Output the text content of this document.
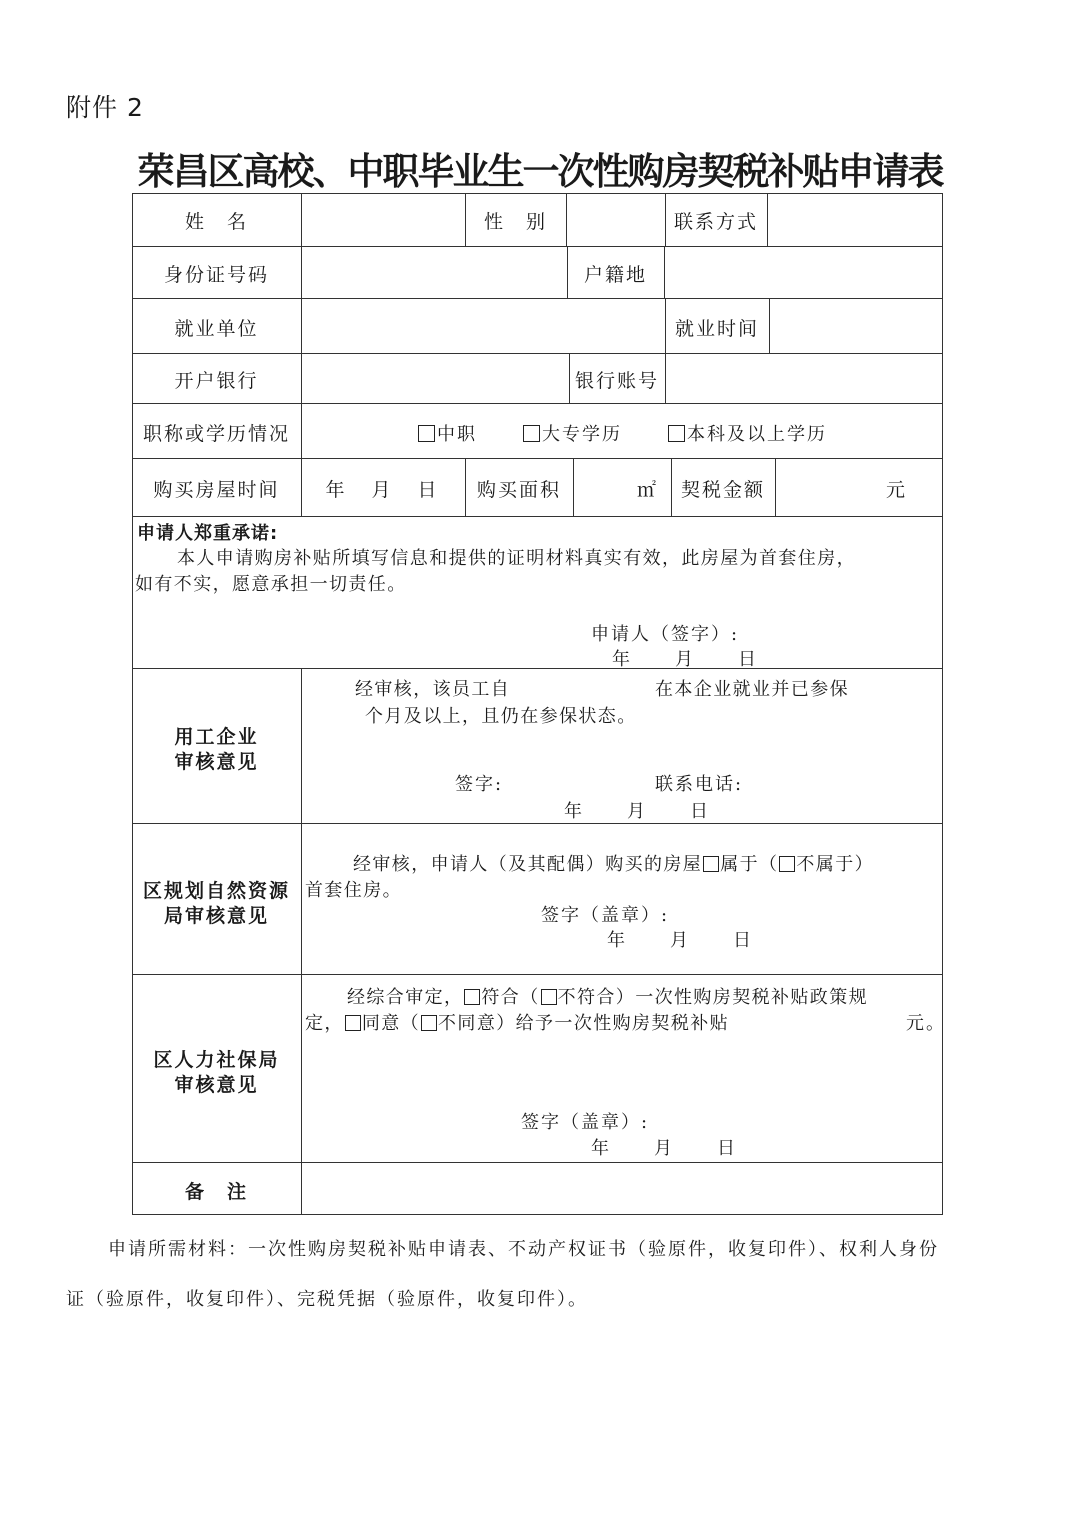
附件 2
荣昌区高校、中职毕业生一次性购房契税补贴申请表
姓　名	性　别	联系方式
身份证号码	户籍地
就业单位	就业时间
开户银行	银行账号
职称或学历情况	中职	大专学历	本科及以上学历
购买房屋时间	年　月　日	购买面积	㎡	契税金额	元
申请人郑重承诺:
本人申请购房补贴所填写信息和提供的证明材料真实有效，此房屋为首套住房，
如有不实，愿意承担一切责任。
申请人（签字）:
年　　月　　日
用工企业
审核意见
经审核，该员工自	在本企业就业并已参保
个月及以上，且仍在参保状态。
签字:	联系电话:
年　　月　　日
区规划自然资源
局审核意见
经审核，申请人（及其配偶）购买的房屋 属于（ 不属于）
首套住房。
签字（盖章）:
年　　月　　日
区人力社保局
审核意见
经综合审定， 符合（ 不符合）一次性购房契税补贴政策规
定， 同意（ 不同意）给予一次性购房契税补贴	元。
签字（盖章）:
年　　月　　日
备　注
申请所需材料：一次性购房契税补贴申请表、不动产权证书（验原件，收复印件）、权利人身份
证（验原件，收复印件）、完税凭据（验原件，收复印件）。
